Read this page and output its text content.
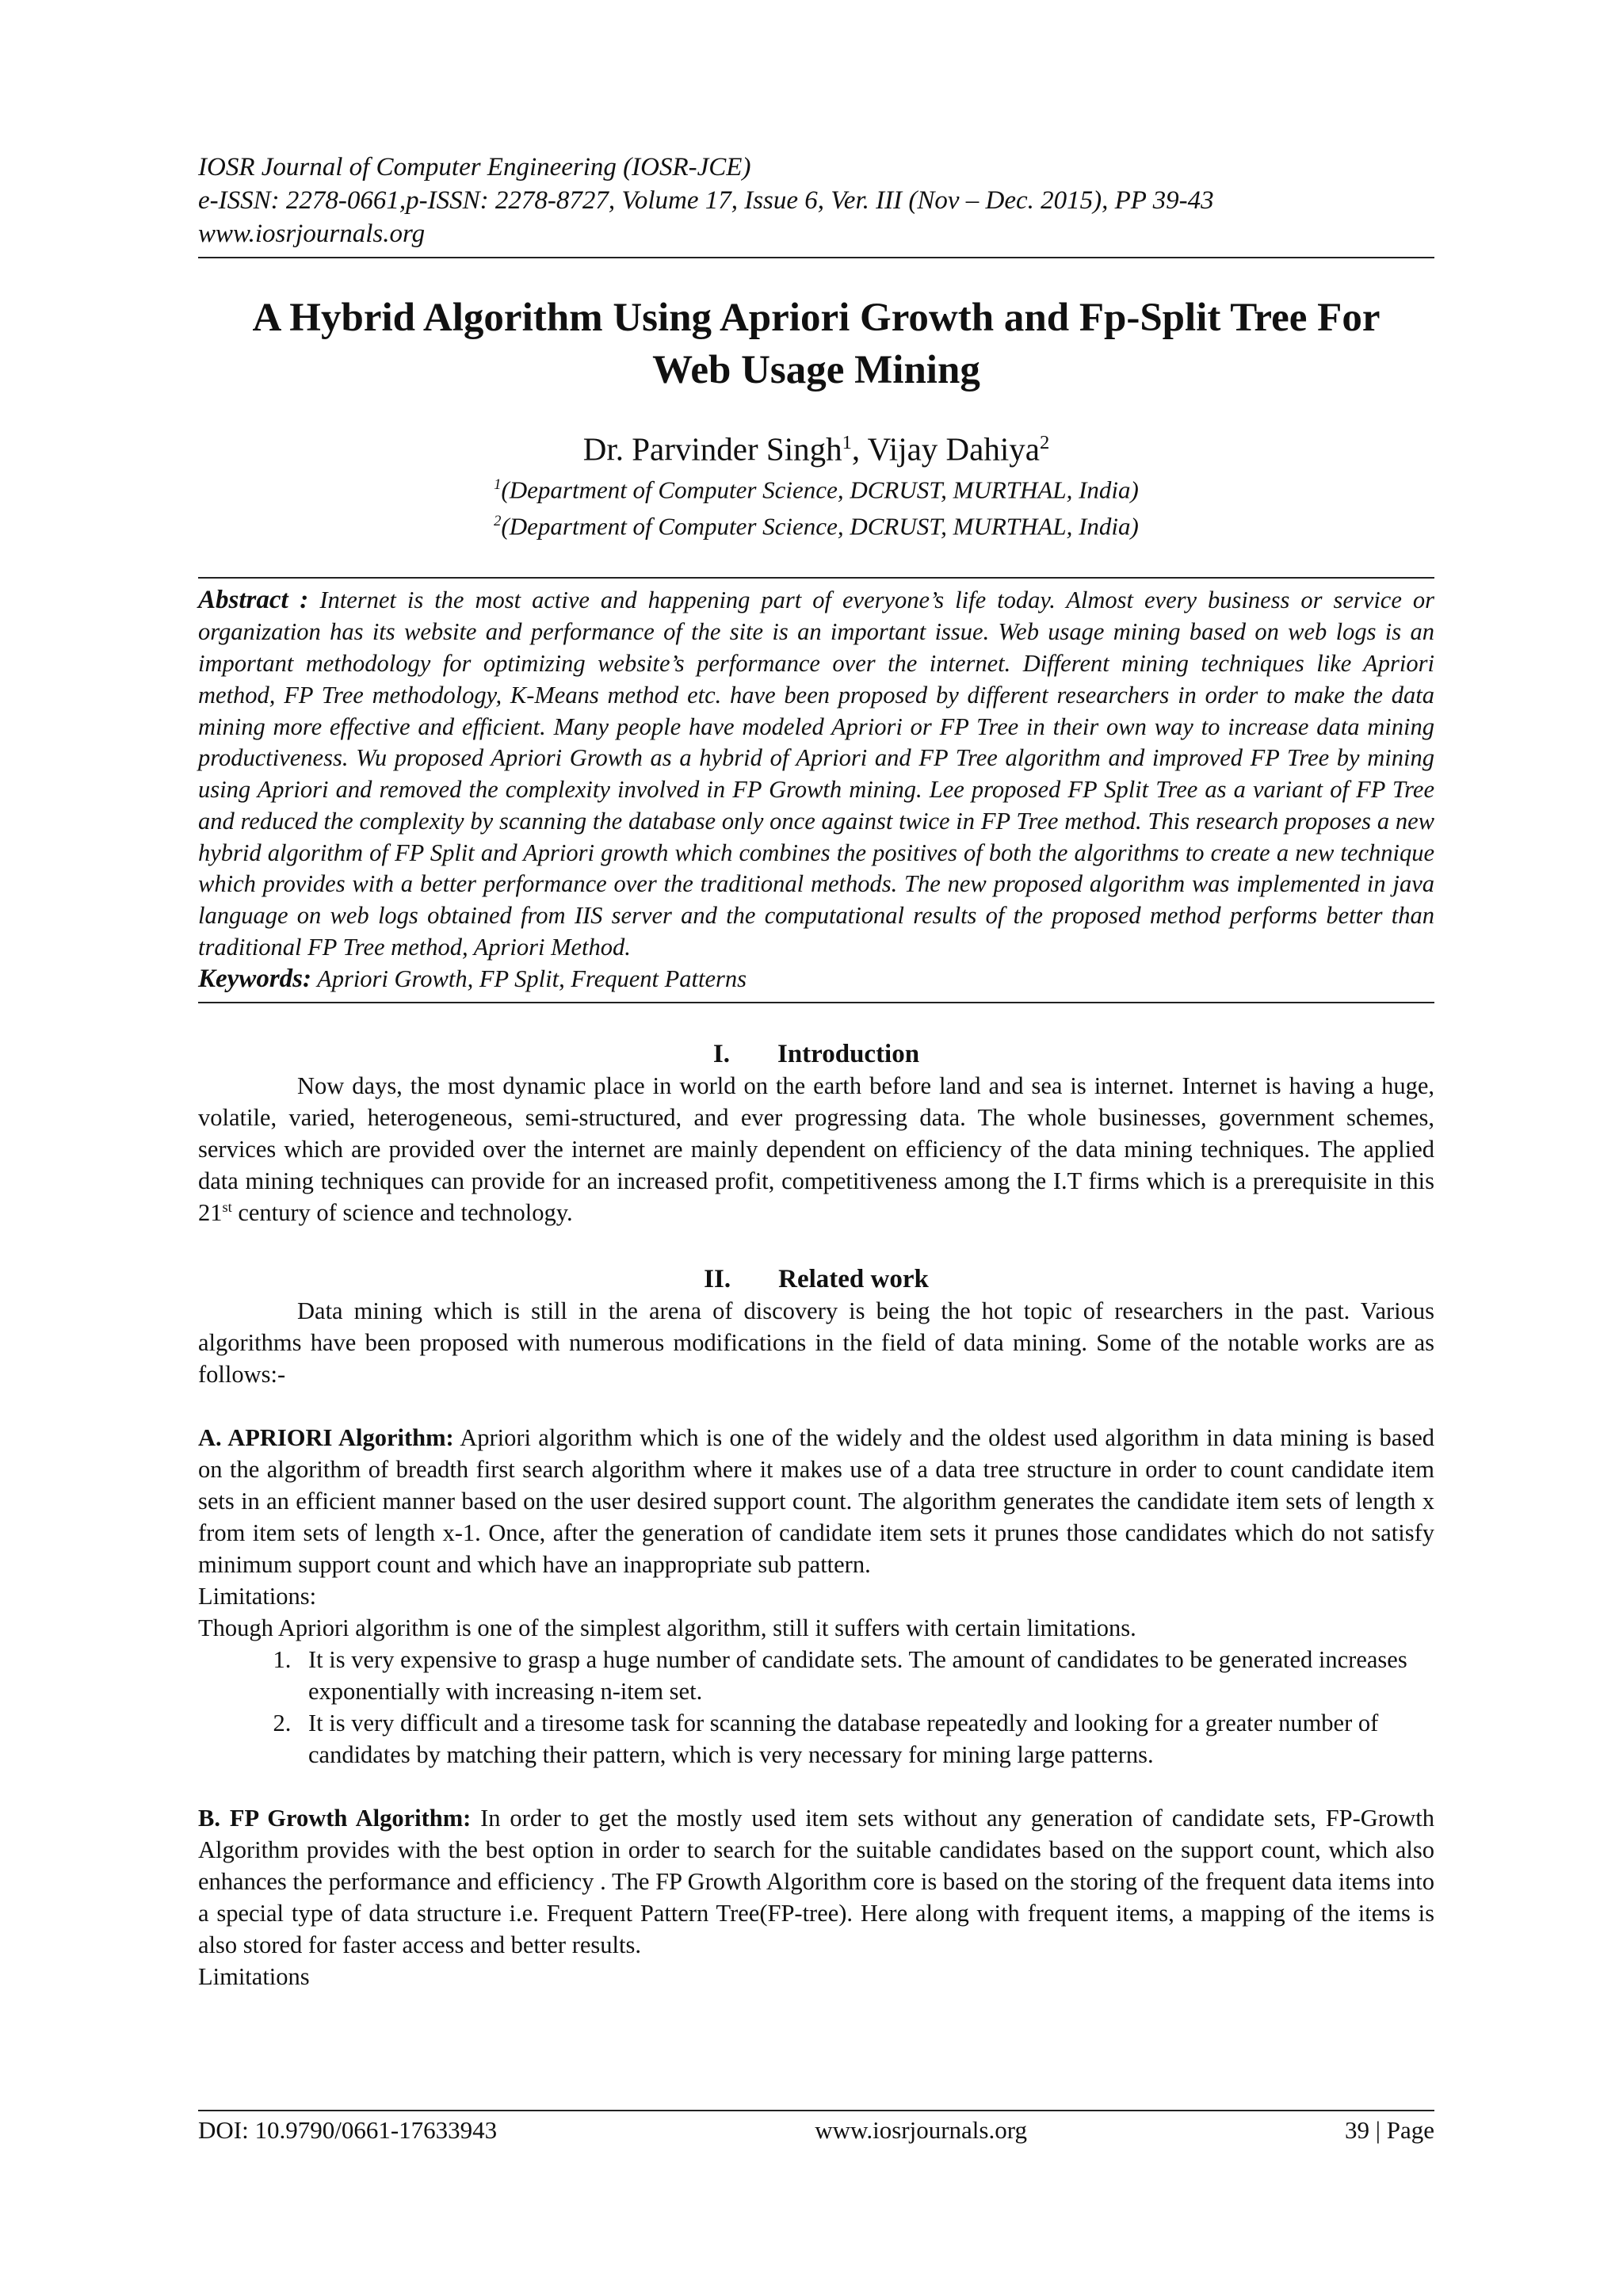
IOSR Journal of Computer Engineering (IOSR-JCE)
e-ISSN: 2278-0661,p-ISSN: 2278-8727, Volume 17, Issue 6, Ver. III (Nov – Dec. 2015), PP 39-43
www.iosrjournals.org
A Hybrid Algorithm Using Apriori Growth and Fp-Split Tree For
Web Usage Mining
Dr. Parvinder Singh$^1$, Vijay Dahiya$^2$
$^1$(Department of Computer Science, DCRUST, MURTHAL, India)
$^2$(Department of Computer Science, DCRUST, MURTHAL, India)
Abstract : Internet is the most active and happening part of everyone’s life today. Almost every business or service or organization has its website and performance of the site is an important issue. Web usage mining based on web logs is an important methodology for optimizing website’s performance over the internet. Different mining techniques like Apriori method, FP Tree methodology, K-Means method etc. have been proposed by different researchers in order to make the data mining more effective and efficient. Many people have modeled Apriori or FP Tree in their own way to increase data mining productiveness. Wu proposed Apriori Growth as a hybrid of Apriori and FP Tree algorithm and improved FP Tree by mining using Apriori and removed the complexity involved in FP Growth mining. Lee proposed FP Split Tree as a variant of FP Tree and reduced the complexity by scanning the database only once against twice in FP Tree method. This research proposes a new hybrid algorithm of FP Split and Apriori growth which combines the positives of both the algorithms to create a new technique which provides with a better performance over the traditional methods. The new proposed algorithm was implemented in java language on web logs obtained from IIS server and the computational results of the proposed method performs better than traditional FP Tree method, Apriori Method.
Keywords: Apriori Growth, FP Split, Frequent Patterns
I. Introduction

Now days, the most dynamic place in world on the earth before land and sea is internet. Internet is having a huge, volatile, varied, heterogeneous, semi-structured, and ever progressing data. The whole businesses, government schemes, services which are provided over the internet are mainly dependent on efficiency of the data mining techniques. The applied data mining techniques can provide for an increased profit, competitiveness among the I.T firms which is a prerequisite in this 21st century of science and technology.

II. Related work

Data mining which is still in the arena of discovery is being the hot topic of researchers in the past. Various algorithms have been proposed with numerous modifications in the field of data mining. Some of the notable works are as follows:-

A. APRIORI Algorithm: Apriori algorithm which is one of the widely and the oldest used algorithm in data mining is based on the algorithm of breadth first search algorithm where it makes use of a data tree structure in order to count candidate item sets in an efficient manner based on the user desired support count. The algorithm generates the candidate item sets of length x from item sets of length x-1. Once, after the generation of candidate item sets it prunes those candidates which do not satisfy minimum support count and which have an inappropriate sub pattern.

Limitations:

Though Apriori algorithm is one of the simplest algorithm, still it suffers with certain limitations.

1. It is very expensive to grasp a huge number of candidate sets. The amount of candidates to be generated increases exponentially with increasing n-item set.
2. It is very difficult and a tiresome task for scanning the database repeatedly and looking for a greater number of candidates by matching their pattern, which is very necessary for mining large patterns.

B. FP Growth Algorithm: In order to get the mostly used item sets without any generation of candidate sets, FP-Growth Algorithm provides with the best option in order to search for the suitable candidates based on the support count, which also enhances the performance and efficiency . The FP Growth Algorithm core is based on the storing of the frequent data items into a special type of data structure i.e. Frequent Pattern Tree(FP-tree). Here along with frequent items, a mapping of the items is also stored for faster access and better results.

Limitations

DOI: 10.9790/0661-17633943	www.iosrjournals.org	39 | Page
